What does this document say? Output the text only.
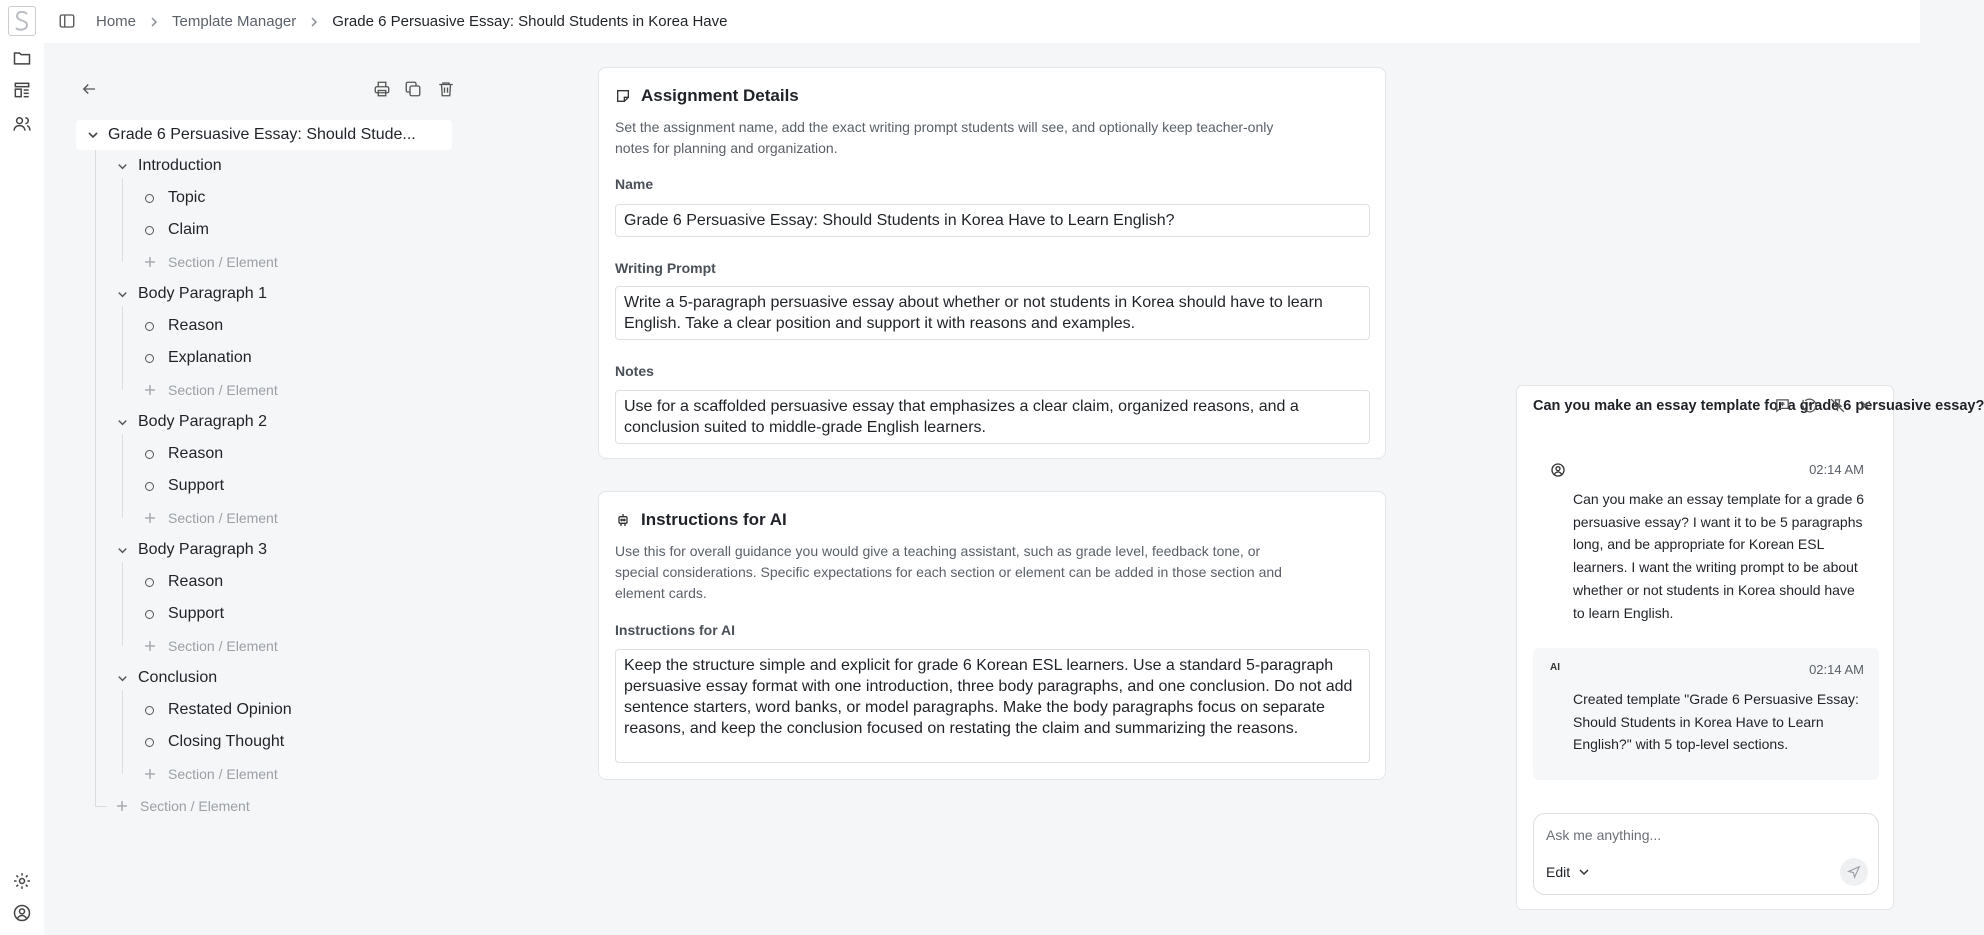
Home Template Manager Grade 6 Persuasive Essay: Should Students in Korea Have
Grade 6 Persuasive Essay: Should Stude...
Introduction
Topic
Claim
Section / Element
Body Paragraph 1
Reason
Explanation
Section / Element
Body Paragraph 2
Reason
Support
Section / Element
Body Paragraph 3
Reason
Support
Section / Element
Conclusion
Restated Opinion
Closing Thought
Section / Element
Section / Element
Assignment Details
Set the assignment name, add the exact writing prompt students will see, and optionally keep teacher-only notes for planning and organization.
Name
Grade 6 Persuasive Essay: Should Students in Korea Have to Learn English?
Writing Prompt
Write a 5-paragraph persuasive essay about whether or not students in Korea should have to learn English. Take a clear position and support it with reasons and examples.
Notes
Use for a scaffolded persuasive essay that emphasizes a clear claim, organized reasons, and a conclusion suited to middle-grade English learners.
Instructions for AI
Use this for overall guidance you would give a teaching assistant, such as grade level, feedback tone, or special considerations. Specific expectations for each section or element can be added in those section and element cards.
Instructions for AI
Keep the structure simple and explicit for grade 6 Korean ESL learners. Use a standard 5-paragraph persuasive essay format with one introduction, three body paragraphs, and one conclusion. Do not add sentence starters, word banks, or model paragraphs. Make the body paragraphs focus on separate reasons, and keep the conclusion focused on restating the claim and summarizing the reasons.
Can you make an essay template for a grade 6 persuasive essay?
02:14 AM
Can you make an essay template for a grade 6 persuasive essay? I want it to be 5 paragraphs long, and be appropriate for Korean ESL learners. I want the writing prompt to be about whether or not students in Korea should have to learn English.
AI	02:14 AM
Created template "Grade 6 Persuasive Essay: Should Students in Korea Have to Learn English?" with 5 top-level sections.
Ask me anything...
Edit
